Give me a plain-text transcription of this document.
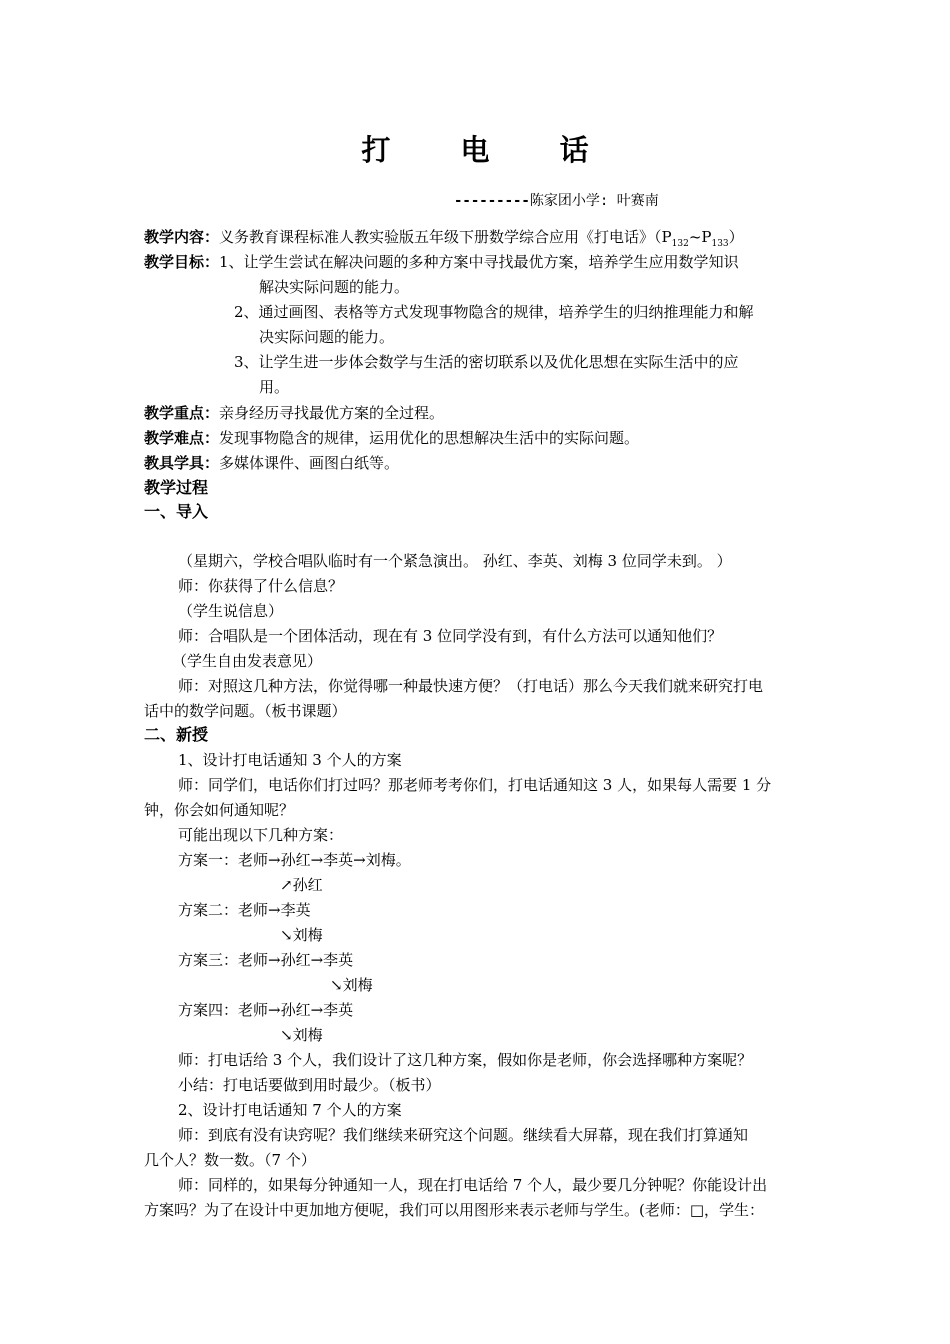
打 电 话
---------陈家团小学: 叶赛南
教学内容：义务教育课程标准人教实验版五年级下册数学综合应用《打电话》$(P_{132}\sim P_{133})$
教学目标：1、让学生尝试在解决问题的多种方案中寻找最优方案，培养学生应用数学知识
解决实际问题的能力。
2、通过画图、表格等方式发现事物隐含的规律，培养学生的归纳推理能力和解
决实际问题的能力。
3、让学生进一步体会数学与生活的密切联系以及优化思想在实际生活中的应
用。
教学重点：亲身经历寻找最优方案的全过程。
教学难点：发现事物隐含的规律，运用优化的思想解决生活中的实际问题。
教具学具：多媒体课件、画图白纸等。
教学过程
一、导入
（星期六，学校合唱队临时有一个紧急演出。 孙红、李英、刘梅 3 位同学未到。 ）
师：你获得了什么信息？
（学生说信息）
师：合唱队是一个团体活动，现在有 3 位同学没有到，有什么方法可以通知他们？
（学生自由发表意见）
师：对照这几种方法，你觉得哪一种最快速方便？（打电话）那么今天我们就来研究打电
话中的数学问题。（板书课题）
二、新授
1、设计打电话通知 3 个人的方案
师：同学们，电话你们打过吗？那老师考考你们，打电话通知这 3 人，如果每人需要 1 分
钟，你会如何通知呢？
可能出现以下几种方案：
方案一：老师→孙红→李英→刘梅。
↗孙红
方案二：老师→李英
↘刘梅
方案三：老师→孙红→李英
↘刘梅
方案四：老师→孙红→李英
↘刘梅
师：打电话给 3 个人，我们设计了这几种方案，假如你是老师，你会选择哪种方案呢？
小结：打电话要做到用时最少。（板书）
2、设计打电话通知 7 个人的方案
师：到底有没有诀窍呢？我们继续来研究这个问题。继续看大屏幕，现在我们打算通知
几个人？数一数。（7 个）
师：同样的，如果每分钟通知一人，现在打电话给 7 个人，最少要几分钟呢？你能设计出
方案吗？为了在设计中更加地方便呢，我们可以用图形来表示老师与学生。(老师：□，学生：
